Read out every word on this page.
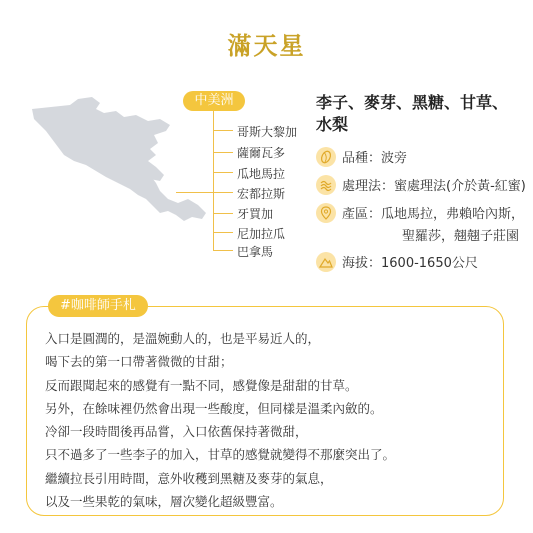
滿天星
中美洲
哥斯大黎加
薩爾瓦多
瓜地馬拉
宏都拉斯
牙買加
尼加拉瓜
巴拿馬
李子、麥芽、黑糖、甘草、
水梨
品種：波旁
處理法：蜜處理法(介於黃-紅蜜)
產區：瓜地馬拉，弗賴哈內斯，
聖羅莎，翹翹子莊園
海拔：1600-1650公尺
#咖啡師手札
入口是圓潤的，是溫婉動人的，也是平易近人的，
喝下去的第一口帶著微微的甘甜；
反而跟聞起來的感覺有一點不同，感覺像是甜甜的甘草。
另外，在餘味裡仍然會出現一些酸度，但同樣是溫柔內斂的。
冷卻一段時間後再品嘗，入口依舊保持著微甜，
只不過多了一些李子的加入，甘草的感覺就變得不那麼突出了。
繼續拉長引用時間，意外收穫到黑糖及麥芽的氣息，
以及一些果乾的氣味，層次變化超級豐富。
